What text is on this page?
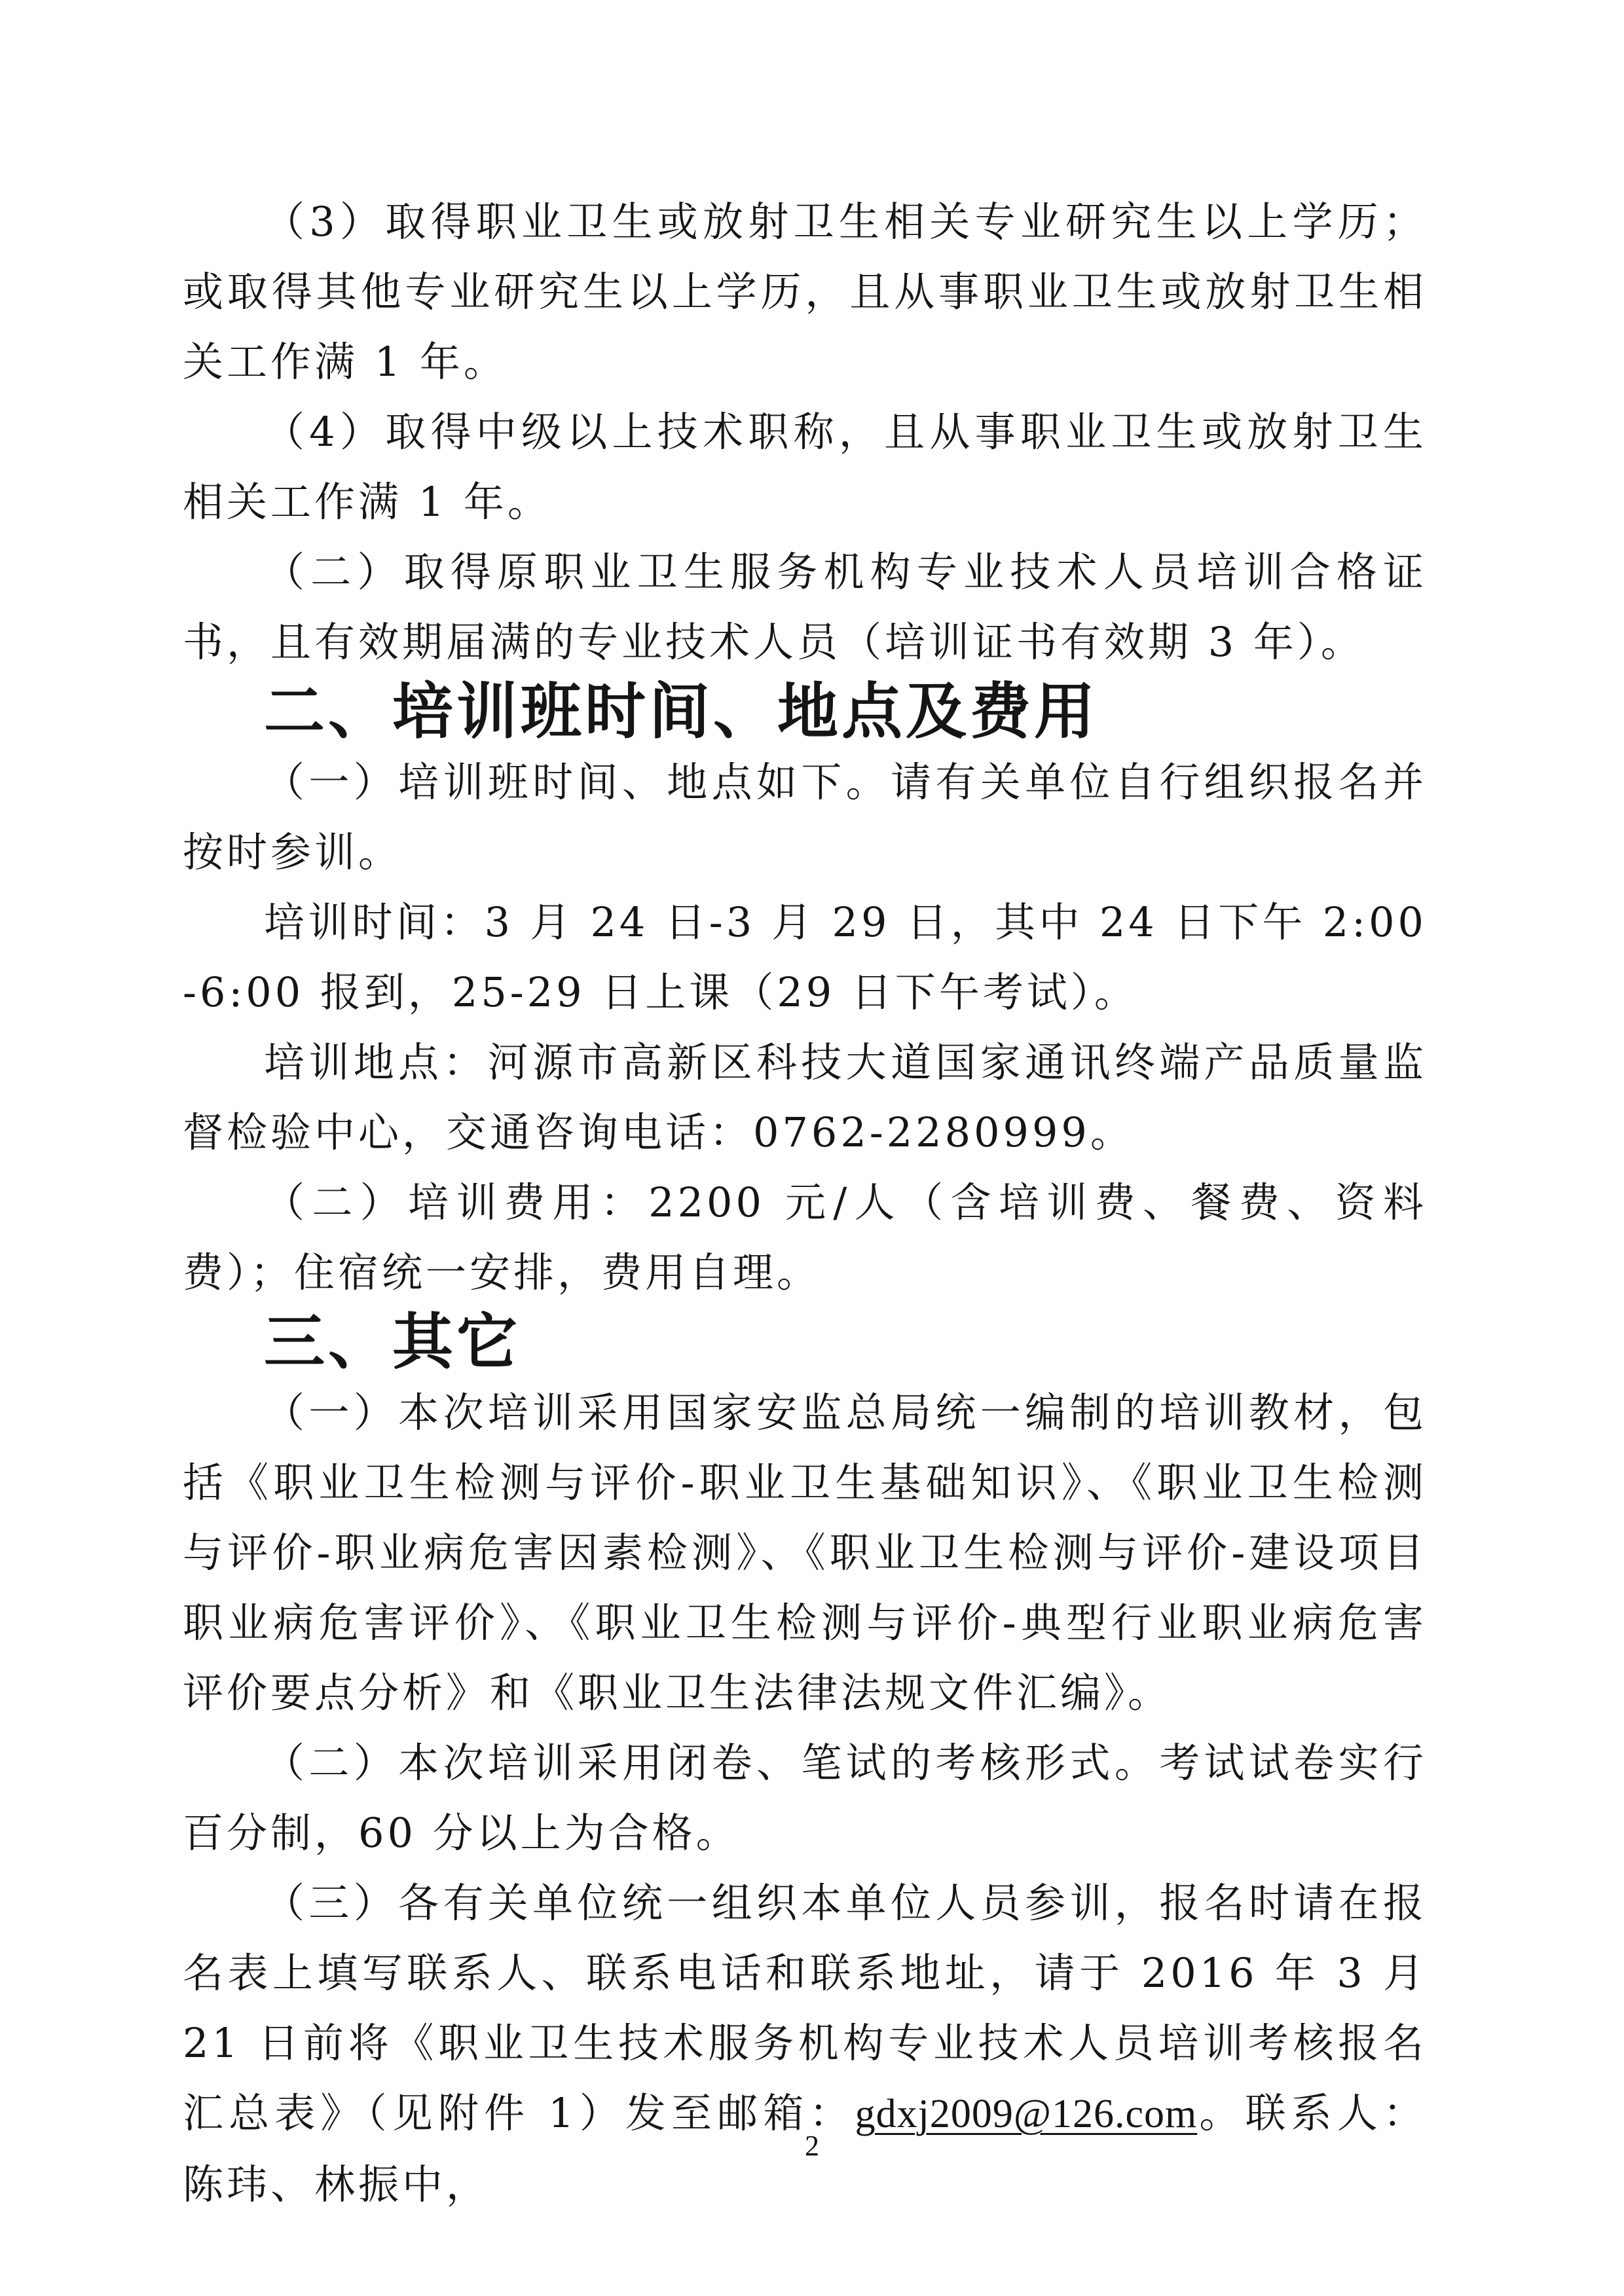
（3）取得职业卫生或放射卫生相关专业研究生以上学历；或取得其他专业研究生以上学历，且从事职业卫生或放射卫生相关工作满 1 年。

（4）取得中级以上技术职称，且从事职业卫生或放射卫生相关工作满 1 年。

（二）取得原职业卫生服务机构专业技术人员培训合格证书，且有效期届满的专业技术人员（培训证书有效期 3 年）。

二、培训班时间、地点及费用

（一）培训班时间、地点如下。请有关单位自行组织报名并按时参训。

培训时间：3 月 24 日-3 月 29 日，其中 24 日下午 2:00-6:00 报到，25-29 日上课（29 日下午考试）。

培训地点：河源市高新区科技大道国家通讯终端产品质量监督检验中心，交通咨询电话：0762-2280999。

（二）培训费用：2200 元/人（含培训费、餐费、资料费）；住宿统一安排，费用自理。

三、其它

（一）本次培训采用国家安监总局统一编制的培训教材，包括《职业卫生检测与评价-职业卫生基础知识》、《职业卫生检测与评价-职业病危害因素检测》、《职业卫生检测与评价-建设项目职业病危害评价》、《职业卫生检测与评价-典型行业职业病危害评价要点分析》和《职业卫生法律法规文件汇编》。

（二）本次培训采用闭卷、笔试的考核形式。考试试卷实行百分制，60 分以上为合格。

（三）各有关单位统一组织本单位人员参训，报名时请在报名表上填写联系人、联系电话和联系地址，请于 2016 年 3 月 21 日前将《职业卫生技术服务机构专业技术人员培训考核报名汇总表》（见附件 1）发至邮箱：gdxj2009@126.com。联系人：陈玮、林振中，

2
